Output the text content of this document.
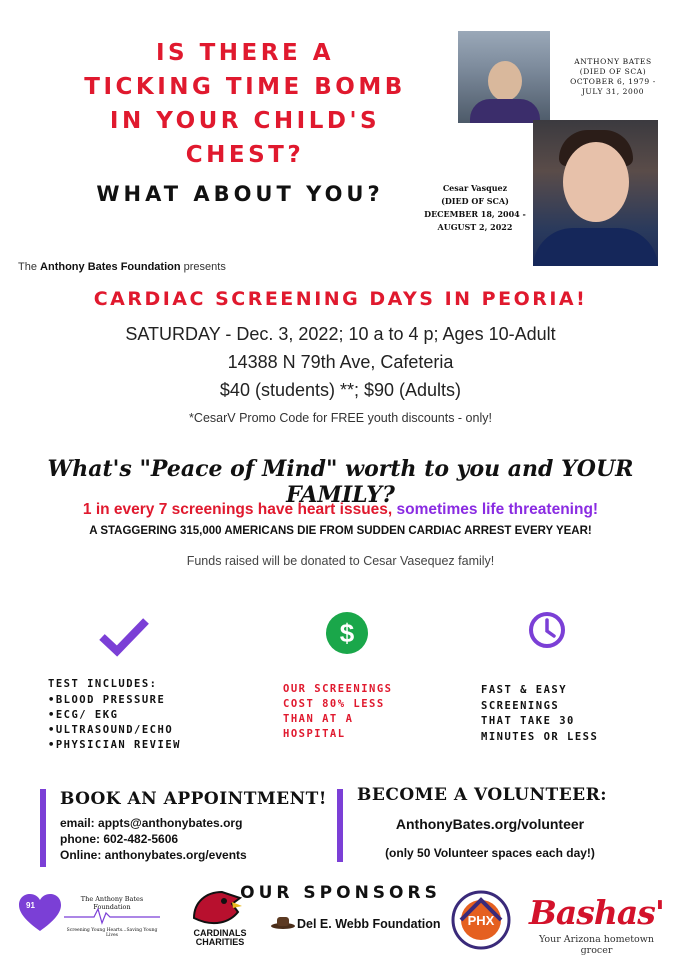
IS THERE A
TICKING TIME BOMB
IN YOUR CHILD'S
CHEST?
WHAT ABOUT YOU?
ANTHONY BATES
(DIED OF SCA)
OCTOBER 6, 1979 -
JULY 31, 2000
Cesar Vasquez
(DIED OF SCA)
DECEMBER 18, 2004 -
AUGUST 2, 2022
The Anthony Bates Foundation presents
CARDIAC SCREENING DAYS IN PEORIA!
SATURDAY - Dec. 3, 2022; 10 a to 4 p; Ages 10-Adult
14388 N 79th Ave, Cafeteria
$40 (students) **; $90 (Adults)
*CesarV Promo Code for FREE youth discounts - only!
What's "Peace of Mind" worth to you and YOUR FAMILY?
1 in every 7 screenings have heart issues, sometimes life threatening!
A STAGGERING 315,000 AMERICANS DIE FROM SUDDEN CARDIAC ARREST EVERY YEAR!
Funds raised will be donated to Cesar Vasequez family!
$
TEST INCLUDES:
• BLOOD PRESSURE
• ECG/ EKG
• ULTRASOUND/ECHO
• PHYSICIAN REVIEW
OUR SCREENINGS
COST 80% LESS
THAN AT A
HOSPITAL
FAST & EASY
SCREENINGS
THAT TAKE 30
MINUTES OR LESS
BOOK AN APPOINTMENT!
email: appts@anthonybates.org
phone: 602-482-5606
Online: anthonybates.org/events
BECOME A VOLUNTEER:
AnthonyBates.org/volunteer
(only 50 Volunteer spaces each day!)
OUR SPONSORS
91
The Anthony Bates Foundation
Screening Young Hearts...Saving Young Lives	CARDINALS
CHARITIES
Del E. Webb Foundation PHX Bashas'
Your Arizona hometown grocer
